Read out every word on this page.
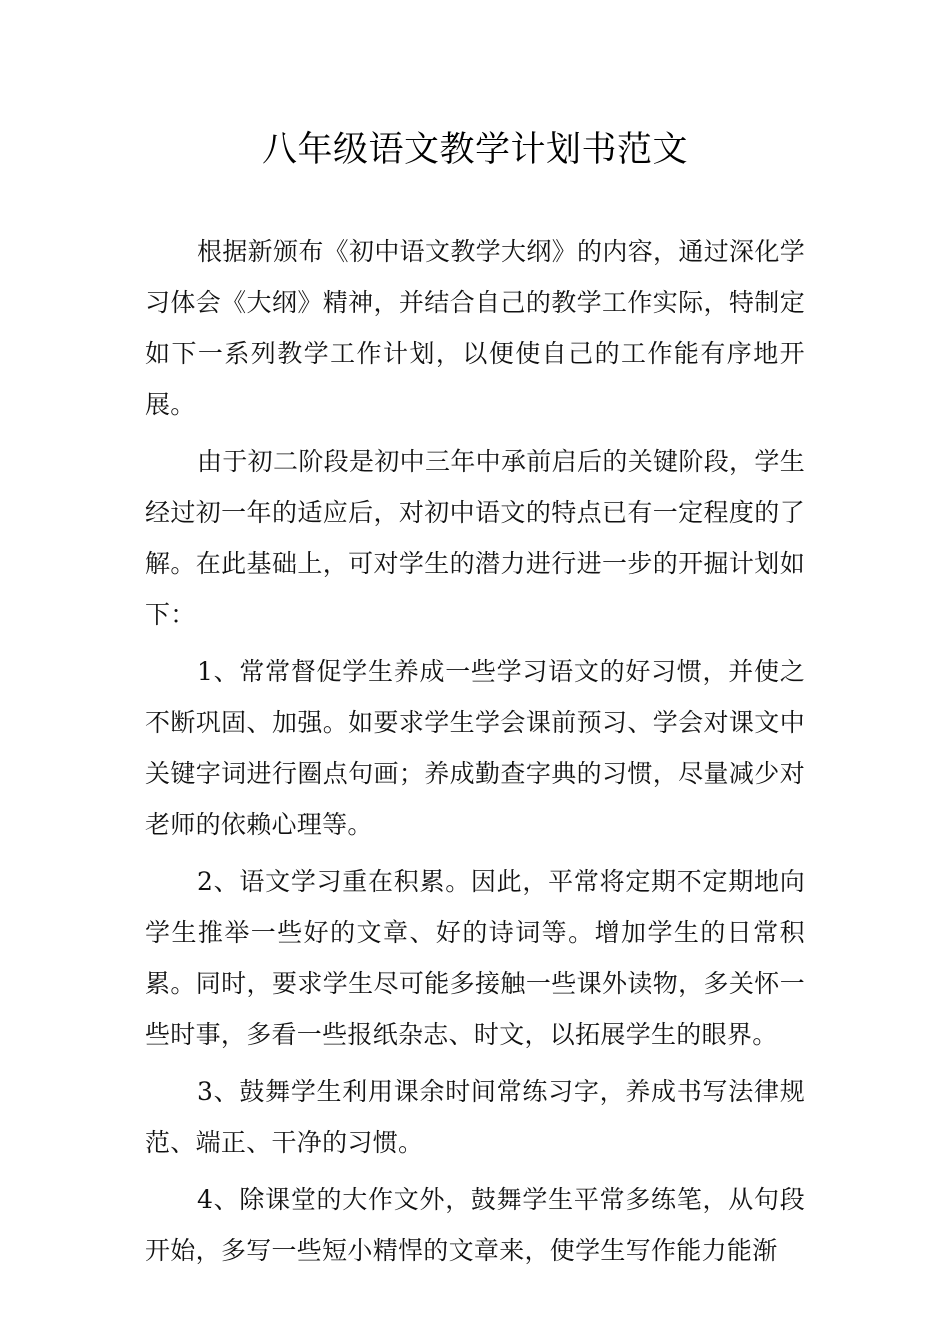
八年级语文教学计划书范文

根据新颁布《初中语文教学大纲》的内容，通过深化学习体会《大纲》精神，并结合自己的教学工作实际，特制定如下一系列教学工作计划，以便使自己的工作能有序地开展。

由于初二阶段是初中三年中承前启后的关键阶段，学生经过初一年的适应后，对初中语文的特点已有一定程度的了解。在此基础上，可对学生的潜力进行进一步的开掘计划如下：

1、常常督促学生养成一些学习语文的好习惯，并使之不断巩固、加强。如要求学生学会课前预习、学会对课文中关键字词进行圈点句画；养成勤查字典的习惯，尽量减少对老师的依赖心理等。

2、语文学习重在积累。因此，平常将定期不定期地向学生推举一些好的文章、好的诗词等。增加学生的日常积累。同时，要求学生尽可能多接触一些课外读物，多关怀一些时事，多看一些报纸杂志、时文，以拓展学生的眼界。

3、鼓舞学生利用课余时间常练习字，养成书写法律规范、端正、干净的习惯。

4、除课堂的大作文外，鼓舞学生平常多练笔，从句段开始，多写一些短小精悍的文章来，使学生写作能力能渐
